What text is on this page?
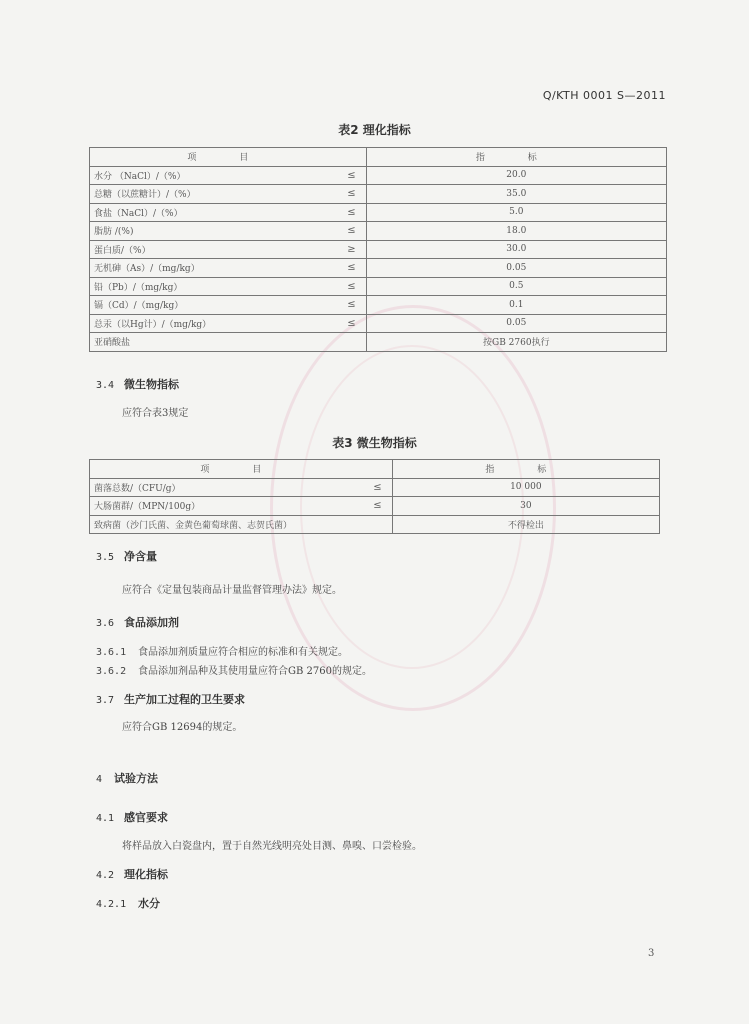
Q/KTH 0001 S—2011
表2 理化指标
项 目	指 标
水分 （NaCl）/（%） ≤	20.0
总糖（以蔗糖计）/（%） ≤	35.0
食盐（NaCl）/（%） ≤	5.0
脂肪 /(%) ≤	18.0
蛋白质/（%） ≥	30.0
无机砷（As）/（mg/kg） ≤	0.05
铅（Pb）/（mg/kg） ≤	0.5
镉（Cd）/（mg/kg） ≤	0.1
总汞（以Hg计）/（mg/kg） ≤	0.05
亚硝酸盐	按GB 2760执行
3.4 微生物指标
应符合表3规定
表3 微生物指标
项 目	指 标
菌落总数/（CFU/g） ≤	10 000
大肠菌群/（MPN/100g） ≤	30
致病菌（沙门氏菌、金黄色葡萄球菌、志贺氏菌）	不得检出
3.5 净含量
应符合《定量包装商品计量监督管理办法》规定。
3.6 食品添加剂
3.6.1 食品添加剂质量应符合相应的标准和有关规定。
3.6.2 食品添加剂品种及其使用量应符合GB 2760的规定。
3.7 生产加工过程的卫生要求
应符合GB 12694的规定。
4 试验方法
4.1 感官要求
将样品放入白瓷盘内，置于自然光线明亮处目测、鼻嗅、口尝检验。
4.2 理化指标
4.2.1 水分
3
